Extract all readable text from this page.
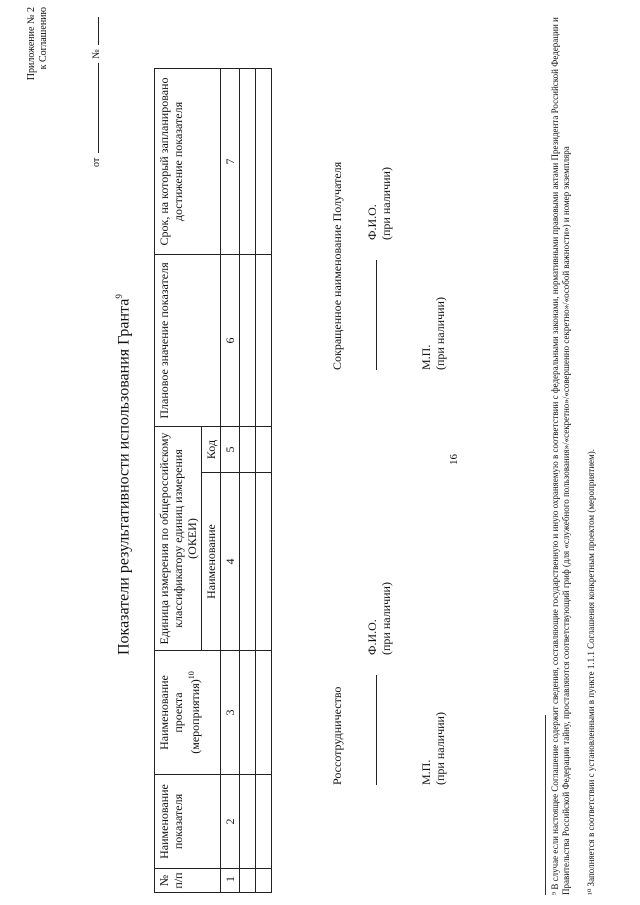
16
Приложение № 2 к Соглашению
от  №
Показатели результативности использования Гранта$^9$
№ п/п	Наименование показателя	Наименование проекта (мероприятия)$^{10}$	Единица измерения по общероссийскому классификатору единиц измерения (ОКЕИ)		Плановое значение показателя	Срок, на который запланировано достижение показателя
			Наименование	Код		
1	2	3	4	5	6	7

Россотрудничество
Ф.И.О. (при наличии)
М.П. (при наличии)
Сокращенное наименование Получателя Ф.И.О. (при наличии)
М.П. (при наличии)	⁹ В случае если настоящее Соглашение содержит сведения, составляющие государственную и иную охраняемую в соответствии с федеральными законами, нормативными правовыми актами Президента Российской Федерации и Правительства Российской Федерации тайну, проставляются соответствующий гриф (для «служебного пользования»/«секретно»/«совершенно секретно»/«особой важности») и номер экземпляра ¹⁰ Заполняется в соответствии с установленными в пункте 1.1.1 Соглашения конкретным проектом (мероприятием).
